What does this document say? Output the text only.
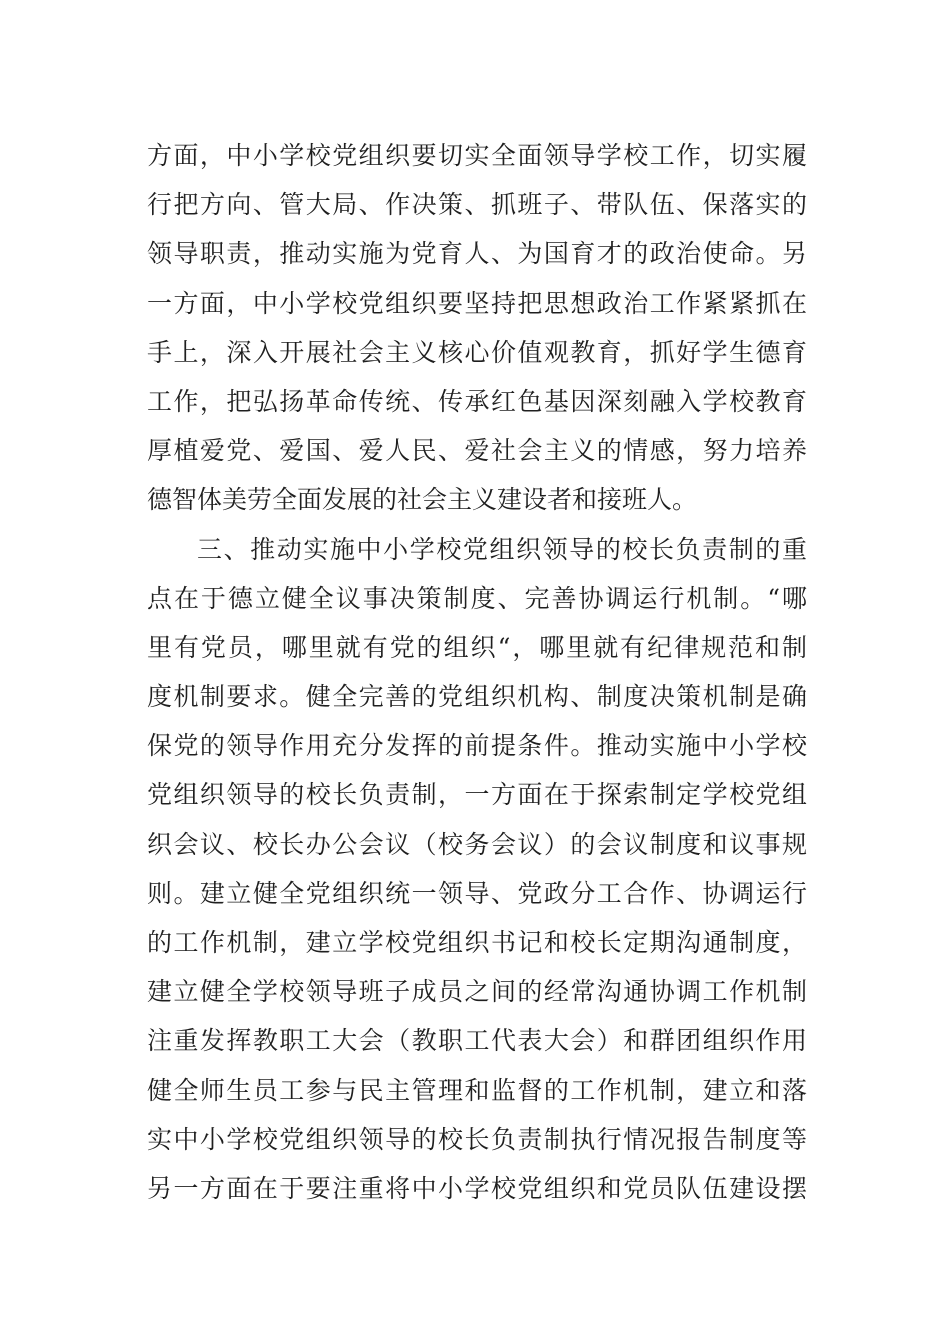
方面，中小学校党组织要切实全面领导学校工作，切实履
行把方向、管大局、作决策、抓班子、带队伍、保落实的
领导职责，推动实施为党育人、为国育才的政治使命。另
一方面，中小学校党组织要坚持把思想政治工作紧紧抓在
手上，深入开展社会主义核心价值观教育，抓好学生德育
工作，把弘扬革命传统、传承红色基因深刻融入学校教育
厚植爱党、爱国、爱人民、爱社会主义的情感，努力培养
德智体美劳全面发展的社会主义建设者和接班人。
三、推动实施中小学校党组织领导的校长负责制的重
点在于德立健全议事决策制度、完善协调运行机制。“哪
里有党员，哪里就有党的组织“，哪里就有纪律规范和制
度机制要求。健全完善的党组织机构、制度决策机制是确
保党的领导作用充分发挥的前提条件。推动实施中小学校
党组织领导的校长负责制，一方面在于探索制定学校党组
织会议、校长办公会议（校务会议）的会议制度和议事规
则。建立健全党组织统一领导、党政分工合作、协调运行
的工作机制，建立学校党组织书记和校长定期沟通制度，
建立健全学校领导班子成员之间的经常沟通协调工作机制
注重发挥教职工大会（教职工代表大会）和群团组织作用
健全师生员工参与民主管理和监督的工作机制，建立和落
实中小学校党组织领导的校长负责制执行情况报告制度等
另一方面在于要注重将中小学校党组织和党员队伍建设摆
